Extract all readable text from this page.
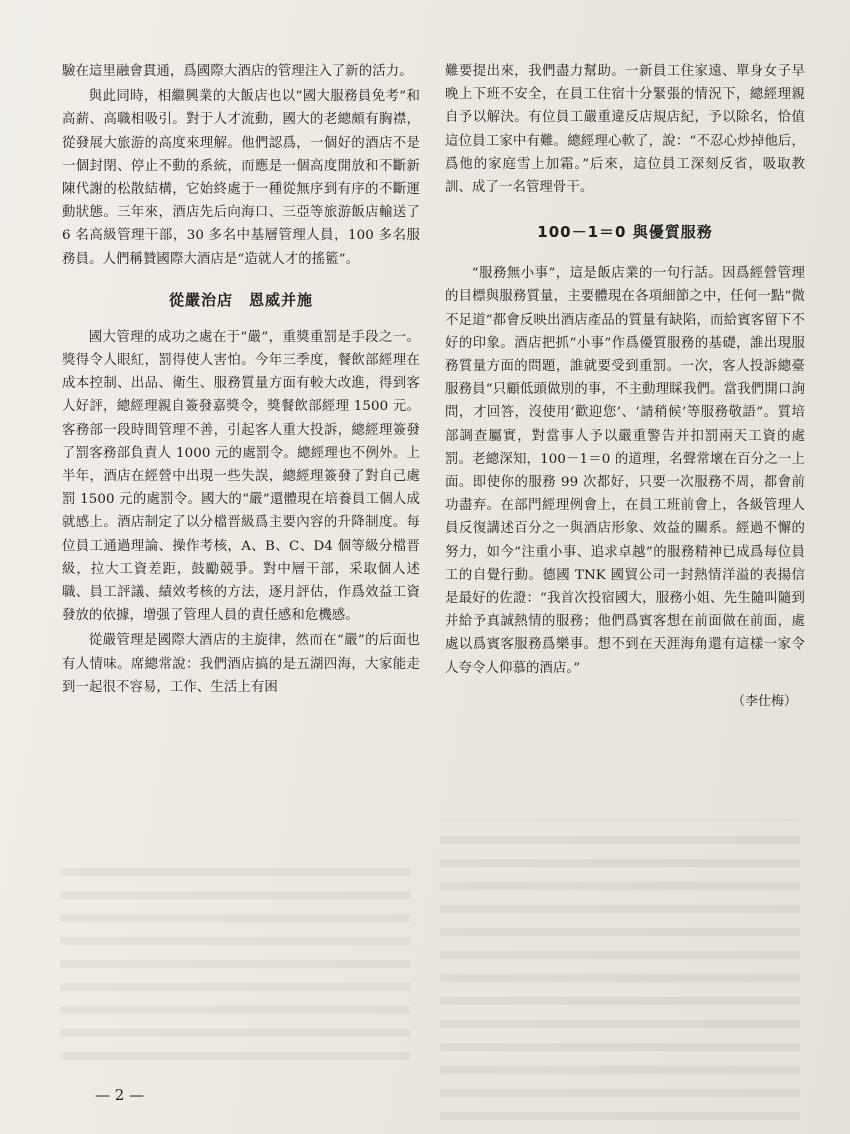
驗在這里融會貫通，爲國際大酒店的管理注入了新的活力。

與此同時，相繼興業的大飯店也以“國大服務員免考”和高薪、高職相吸引。對于人才流動，國大的老總頗有胸襟，從發展大旅游的高度來理解。他們認爲，一個好的酒店不是一個封閉、停止不動的系統，而應是一個高度開放和不斷新陳代謝的松散結構，它始終處于一種從無序到有序的不斷運動狀態。三年來，酒店先后向海口、三亞等旅游飯店輸送了 6 名高級管理干部，30 多名中基層管理人員，100 多名服務員。人們稱贊國際大酒店是“造就人才的搖籃”。

從嚴治店　恩威并施

國大管理的成功之處在于“嚴”，重獎重罰是手段之一。獎得令人眼紅，罰得使人害怕。今年三季度，餐飲部經理在成本控制、出品、衛生、服務質量方面有較大改進，得到客人好評，總經理親自簽發嘉獎令，獎餐飲部經理 1500 元。客務部一段時間管理不善，引起客人重大投訴，總經理簽發了罰客務部負責人 1000 元的處罰令。總經理也不例外。上半年，酒店在經營中出現一些失誤，總經理簽發了對自己處罰 1500 元的處罰令。國大的“嚴”還體現在培養員工個人成就感上。酒店制定了以分檔晋級爲主要內容的升降制度。每位員工通過理論、操作考核，A、B、C、D4 個等級分檔晋級，拉大工資差距，鼓勵競爭。對中層干部，采取個人述職、員工評議、績效考核的方法，逐月評估，作爲效益工資發放的依據，增强了管理人員的責任感和危機感。

從嚴管理是國際大酒店的主旋律，然而在“嚴”的后面也有人情味。席總常說：我們酒店搞的是五湖四海，大家能走到一起很不容易，工作、生活上有困

難要提出來，我們盡力幫助。一新員工住家遠、單身女子早晚上下班不安全，在員工住宿十分緊張的情況下，總經理親自予以解決。有位員工嚴重違反店規店紀，予以除名，恰值這位員工家中有難。總經理心軟了，說：“不忍心炒掉他后，爲他的家庭雪上加霜。”后來，這位員工深刻反省，吸取教訓、成了一名管理骨干。

100－1＝0 與優質服務

“服務無小事”，這是飯店業的一句行話。因爲經營管理的目標與服務質量，主要體現在各項細節之中，任何一點“微不足道”都會反映出酒店產品的質量有缺陷，而給賓客留下不好的印象。酒店把抓“小事”作爲優質服務的基礎，誰出現服務質量方面的問題，誰就要受到重罰。一次，客人投訴總臺服務員“只顧低頭做別的事，不主動理睬我們。當我們開口詢問，才回答，沒使用‘歡迎您’、‘請稍候’等服務敬語”。質培部調查屬實，對當事人予以嚴重警告并扣罰兩天工資的處罰。老總深知，100－1＝0 的道理，名聲常壞在百分之一上面。即使你的服務 99 次都好，只要一次服務不周，都會前功盡弃。在部門經理例會上，在員工班前會上，各級管理人員反復講述百分之一與酒店形象、效益的關系。經過不懈的努力，如今“注重小事、追求卓越”的服務精神已成爲每位員工的自覺行動。德國 TNK 國貿公司一封熱情洋溢的表揚信是最好的佐證：“我首次投宿國大，服務小姐、先生隨叫隨到并給予真誠熱情的服務；他們爲賓客想在前面做在前面，處處以爲賓客服務爲樂事。想不到在天涯海角還有這樣一家令人夸令人仰慕的酒店。”

（李仕梅）
— 2 —
